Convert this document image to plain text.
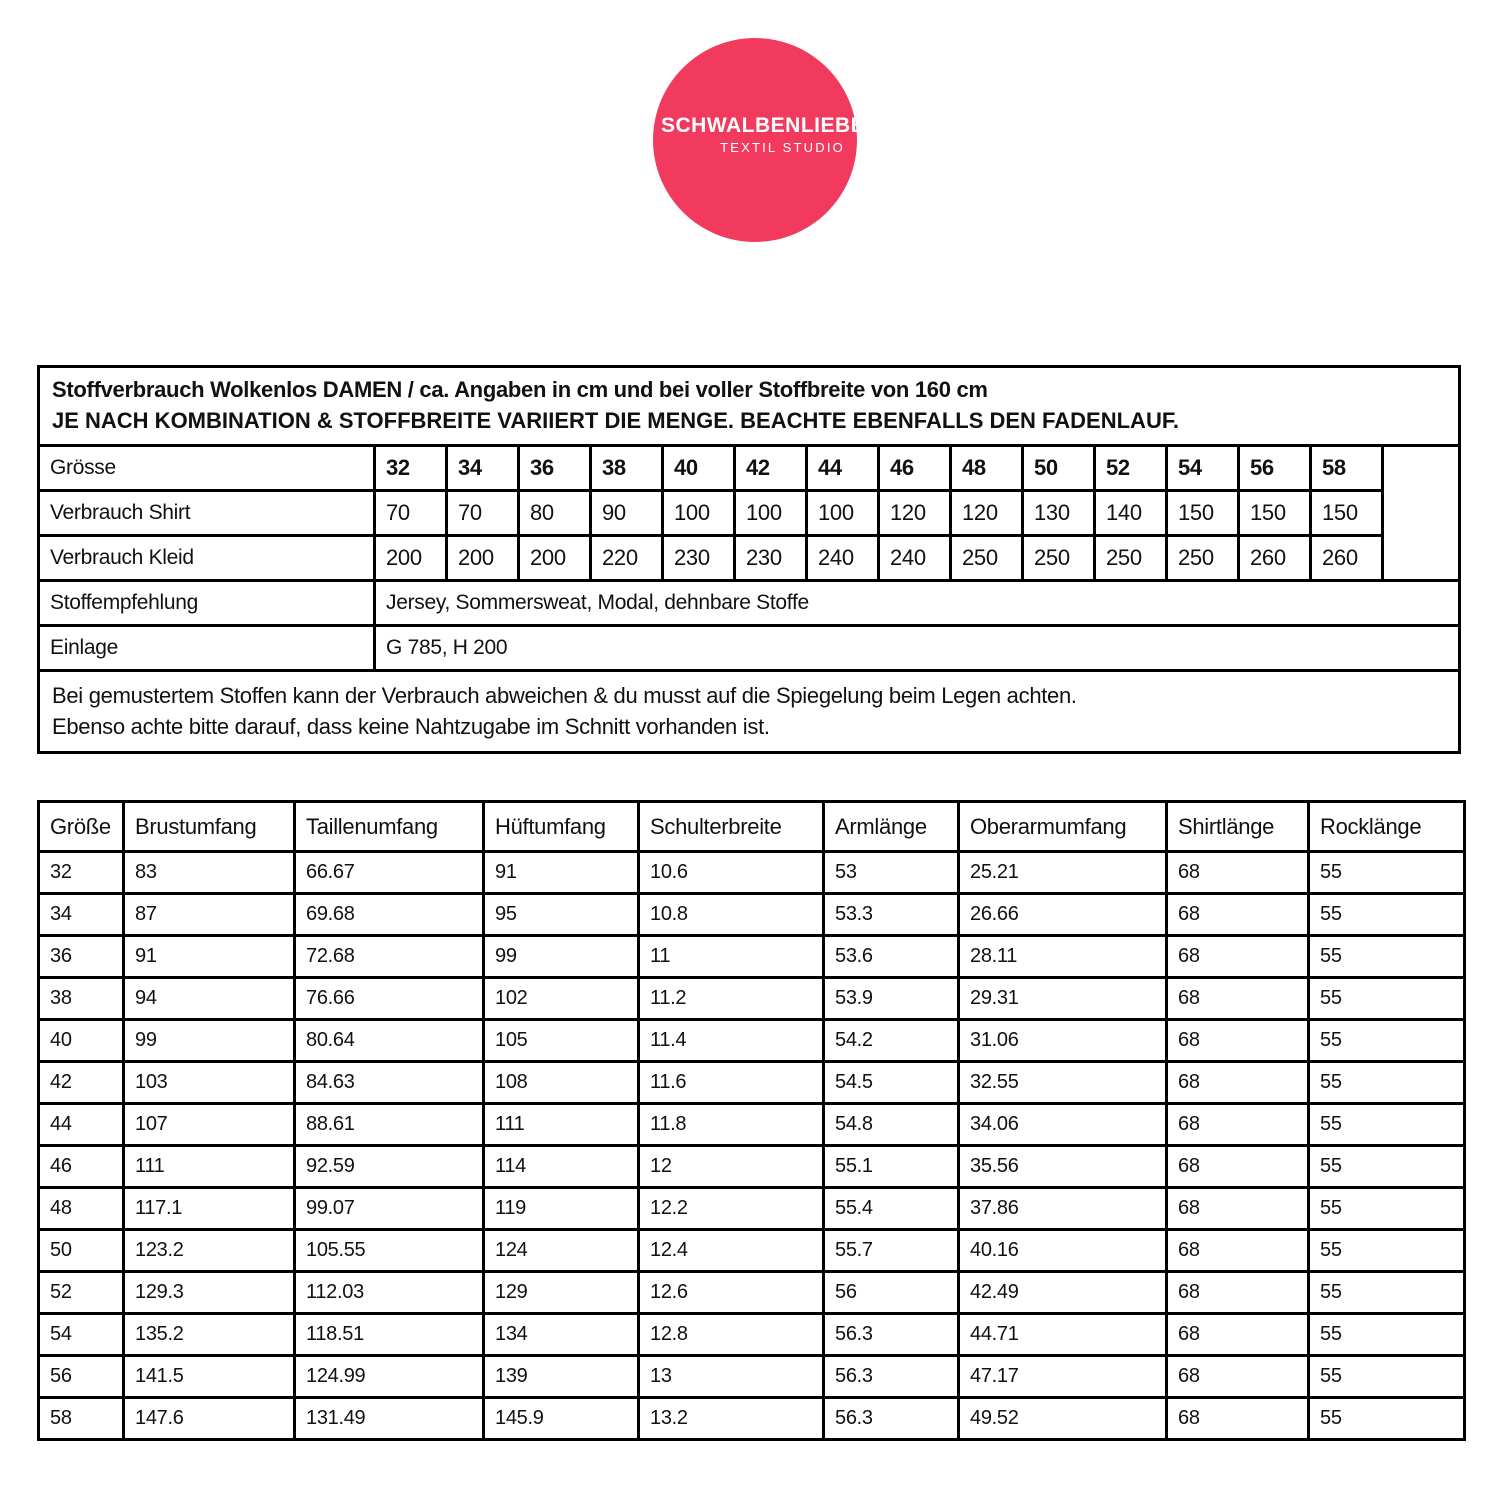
SCHWALBENLIEBE®
TEXTIL STUDIO
Stoffverbrauch Wolkenlos DAMEN / ca. Angaben in cm und bei voller Stoffbreite von 160 cm
JE NACH KOMBINATION & STOFFBREITE VARIIERT DIE MENGE. BEACHTE EBENFALLS DEN FADENLAUF.															

Grösse	32	34	36	38	40	42	44	46	48	50	52	54	56	58	
Verbrauch Shirt	70	70	80	90	100	100	100	120	120	130	140	150	150	150	
Verbrauch Kleid	200	200	200	220	230	230	240	240	250	250	250	250	260	260	
Stoffempfehlung	Jersey, Sommersweat, Modal, dehnbare Stoffe														
Einlage	G 785, H 200														

Bei gemustertem Stoffen kann der Verbrauch abweichen & du musst auf die Spiegelung beim Legen achten.
Ebenso achte bitte darauf, dass keine Nahtzugabe im Schnitt vorhanden ist.															
Größe	Brustumfang	Taillenumfang	Hüftumfang	Schulterbreite	Armlänge	Oberarmumfang	Shirtlänge	Rocklänge
32	83	66.67	91	10.6	53	25.21	68	55
34	87	69.68	95	10.8	53.3	26.66	68	55
36	91	72.68	99	11	53.6	28.11	68	55
38	94	76.66	102	11.2	53.9	29.31	68	55
40	99	80.64	105	11.4	54.2	31.06	68	55
42	103	84.63	108	11.6	54.5	32.55	68	55
44	107	88.61	111	11.8	54.8	34.06	68	55
46	111	92.59	114	12	55.1	35.56	68	55
48	117.1	99.07	119	12.2	55.4	37.86	68	55
50	123.2	105.55	124	12.4	55.7	40.16	68	55
52	129.3	112.03	129	12.6	56	42.49	68	55
54	135.2	118.51	134	12.8	56.3	44.71	68	55
56	141.5	124.99	139	13	56.3	47.17	68	55
58	147.6	131.49	145.9	13.2	56.3	49.52	68	55
